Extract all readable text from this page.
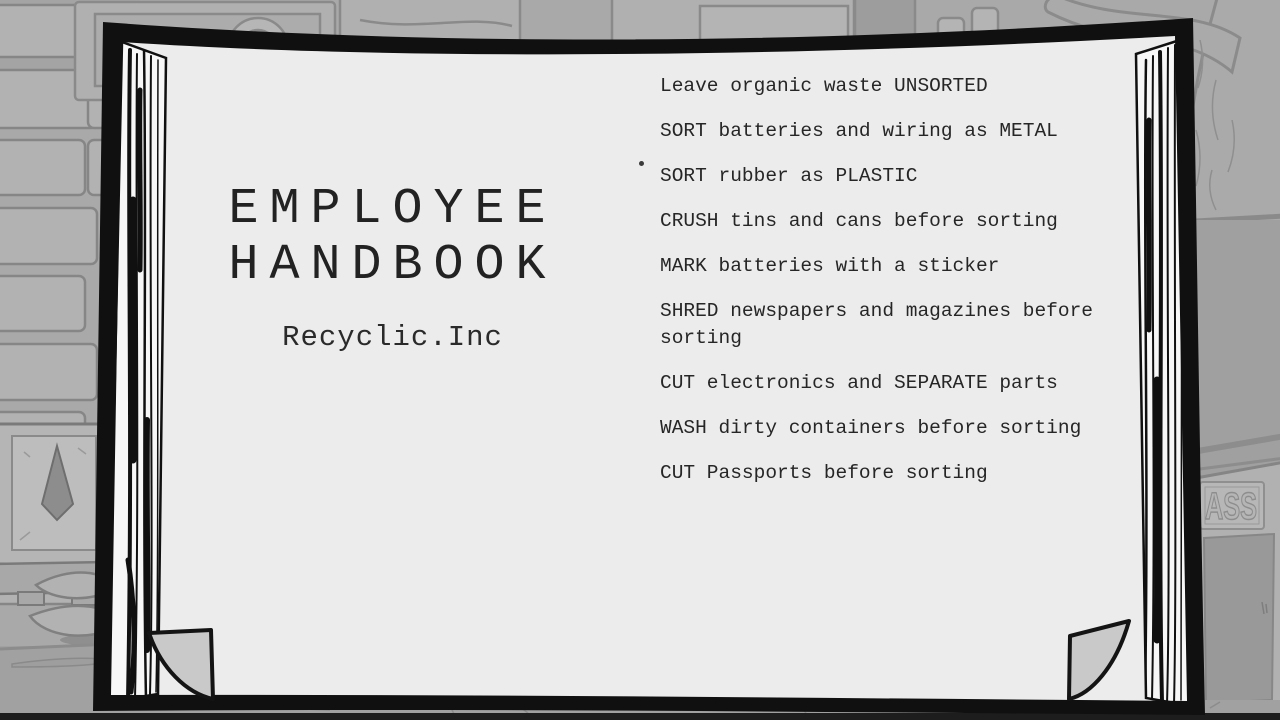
ASS
EMPLOYEE
HANDBOOK
Recyclic.Inc
Leave organic waste UNSORTED
SORT batteries and wiring as METAL
SORT rubber as PLASTIC
CRUSH tins and cans before sorting
MARK batteries with a sticker
SHRED newspapers and magazines before sorting
CUT electronics and SEPARATE parts
WASH dirty containers before sorting
CUT Passports before sorting
